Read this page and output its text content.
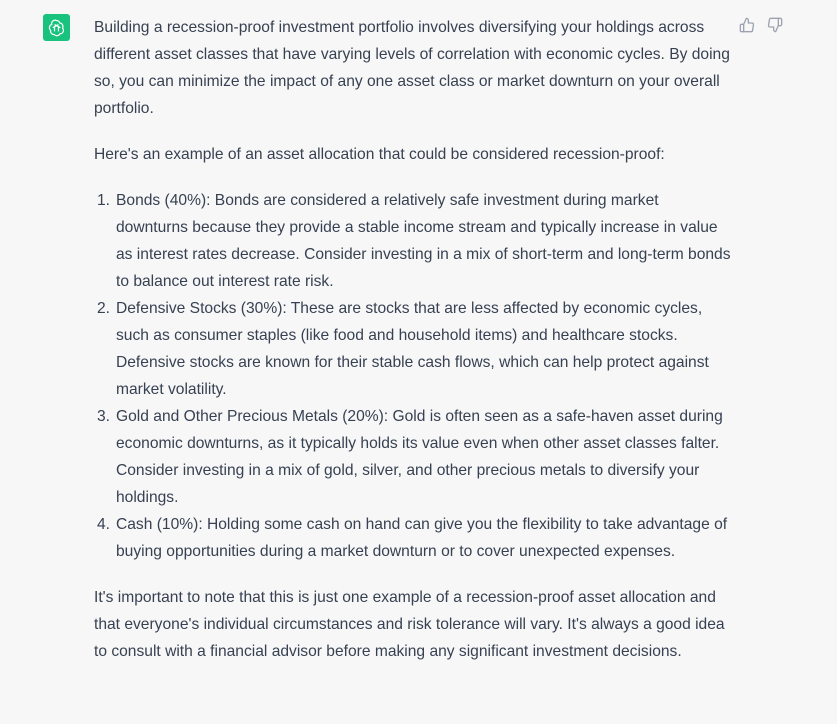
Building a recession-proof investment portfolio involves diversifying your holdings across different asset classes that have varying levels of correlation with economic cycles. By doing so, you can minimize the impact of any one asset class or market downturn on your overall portfolio.

Here's an example of an asset allocation that could be considered recession-proof:

1. Bonds (40%): Bonds are considered a relatively safe investment during market downturns because they provide a stable income stream and typically increase in value as interest rates decrease. Consider investing in a mix of short-term and long-term bonds to balance out interest rate risk.
2. Defensive Stocks (30%): These are stocks that are less affected by economic cycles, such as consumer staples (like food and household items) and healthcare stocks. Defensive stocks are known for their stable cash flows, which can help protect against market volatility.
3. Gold and Other Precious Metals (20%): Gold is often seen as a safe-haven asset during economic downturns, as it typically holds its value even when other asset classes falter. Consider investing in a mix of gold, silver, and other precious metals to diversify your holdings.
4. Cash (10%): Holding some cash on hand can give you the flexibility to take advantage of buying opportunities during a market downturn or to cover unexpected expenses.

It's important to note that this is just one example of a recession-proof asset allocation and that everyone's individual circumstances and risk tolerance will vary. It's always a good idea to consult with a financial advisor before making any significant investment decisions.
